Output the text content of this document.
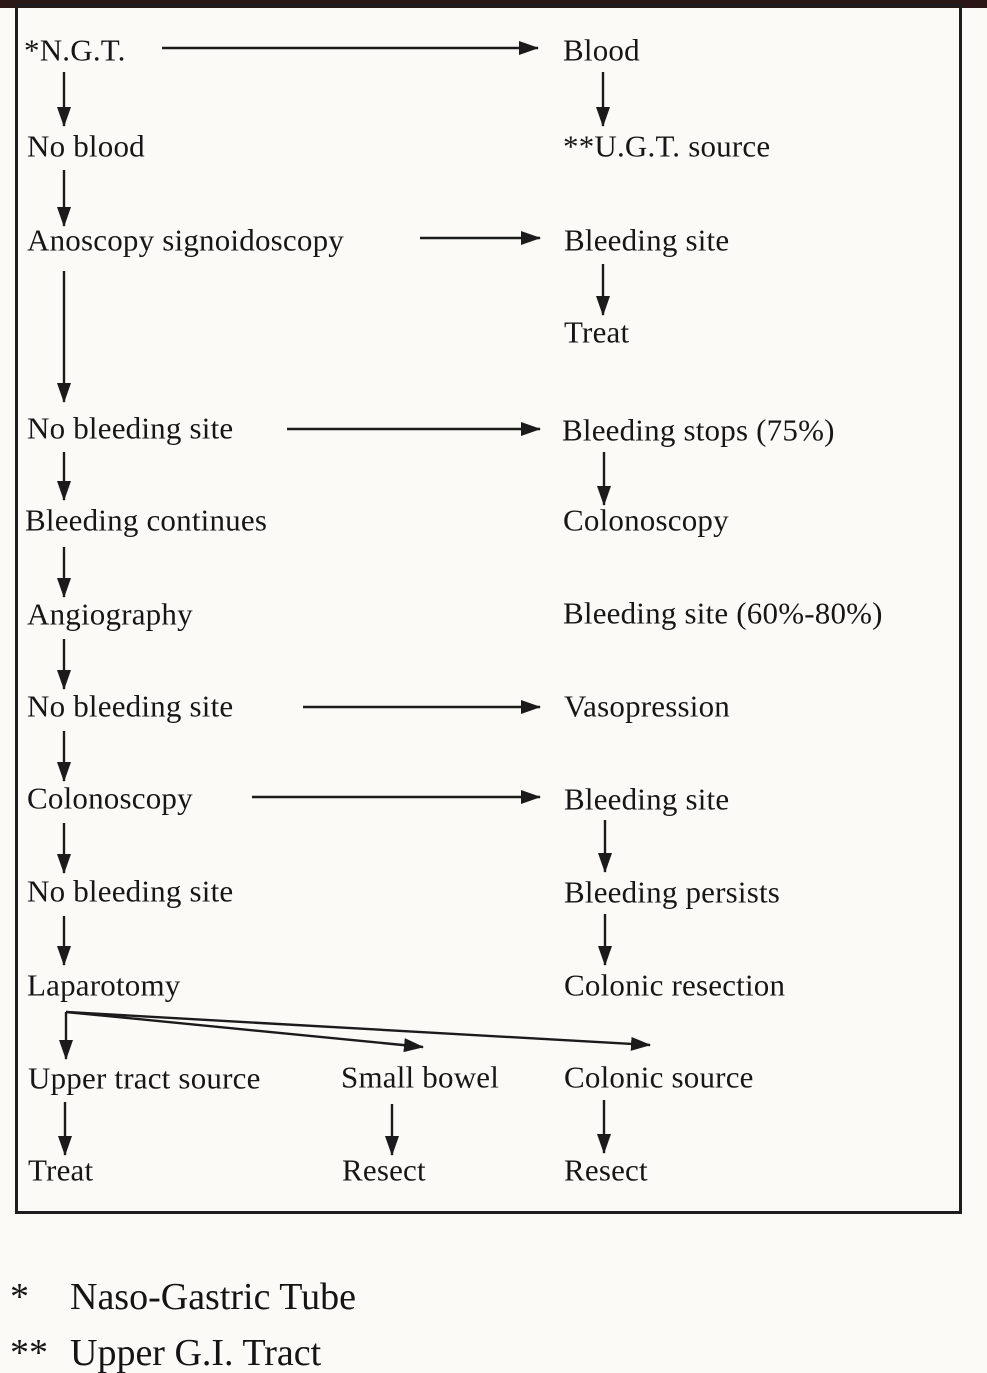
*N.G.T.
No blood
Anoscopy signoidoscopy
No bleeding site
Bleeding continues
Angiography
No bleeding site
Colonoscopy
No bleeding site
Laparotomy
Upper tract source
Treat
Blood
**U.G.T. source
Bleeding site
Treat
Bleeding stops (75%)
Colonoscopy
Bleeding site (60%-80%)
Vasopression
Bleeding site
Bleeding persists
Colonic resection
Small bowel
Resect
Colonic source
Resect
*	Naso-Gastric Tube
** Upper G.I. Tract
